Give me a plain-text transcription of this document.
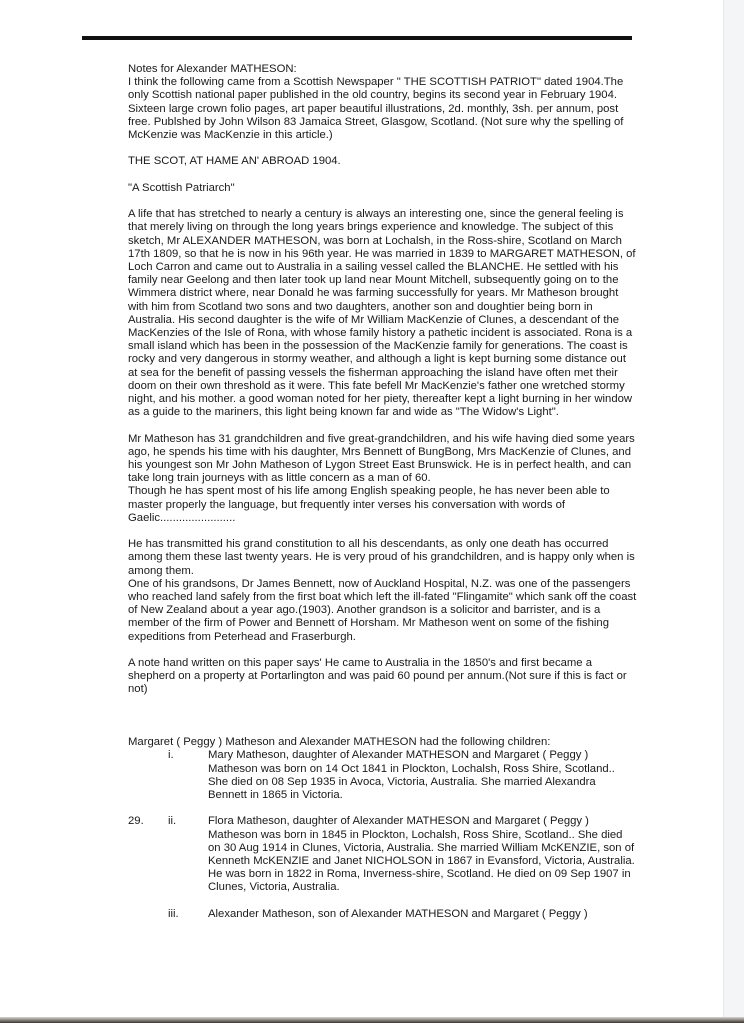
Notes for Alexander MATHESON:

I think the following came from a Scottish Newspaper " THE SCOTTISH PATRIOT" dated 1904.The only Scottish national paper published in the old country, begins its second year in February 1904. Sixteen large crown folio pages, art paper beautiful illustrations, 2d. monthly, 3sh. per annum, post free. Publshed by John Wilson 83 Jamaica Street, Glasgow, Scotland. (Not sure why the spelling of McKenzie was MacKenzie in this article.)

THE SCOT, AT HAME AN' ABROAD 1904.

"A Scottish Patriarch"

A life that has stretched to nearly a century is always an interesting one, since the general feeling is that merely living on through the long years brings experience and knowledge. The subject of this sketch, Mr ALEXANDER MATHESON, was born at Lochalsh, in the Ross-shire, Scotland on March 17th 1809, so that he is now in his 96th year. He was married in 1839 to MARGARET MATHESON, of Loch Carron and came out to Australia in a sailing vessel called the BLANCHE. He settled with his family near Geelong and then later took up land near Mount Mitchell, subsequently going on to the Wimmera district where, near Donald he was farming successfully for years. Mr Matheson brought with him from Scotland two sons and two daughters, another son and doughtier being born in Australia. His second daughter is the wife of Mr William MacKenzie of Clunes, a descendant of the MacKenzies of the Isle of Rona, with whose family history a pathetic incident is associated. Rona is a small island which has been in the possession of the MacKenzie family for generations. The coast is rocky and very dangerous in stormy weather, and although a light is kept burning some distance out at sea for the benefit of passing vessels the fisherman approaching the island have often met their doom on their own threshold as it were. This fate befell Mr MacKenzie's father one wretched stormy night, and his mother. a good woman noted for her piety, thereafter kept a light burning in her window as a guide to the mariners, this light being known far and wide as "The Widow's Light".

Mr Matheson has 31 grandchildren and five great-grandchildren, and his wife having died some years ago, he spends his time with his daughter, Mrs Bennett of BungBong, Mrs MacKenzie of Clunes, and his youngest son Mr John Matheson of Lygon Street East Brunswick. He is in perfect health, and can take long train journeys with as little concern as a man of 60.

Though he has spent most of his life among English speaking people, he has never been able to master properly the language, but frequently inter verses his conversation with words of Gaelic........................

He has transmitted his grand constitution to all his descendants, as only one death has occurred among them these last twenty years. He is very proud of his grandchildren, and is happy only when is among them.

One of his grandsons, Dr James Bennett, now of Auckland Hospital, N.Z. was one of the passengers who reached land safely from the first boat which left the ill-fated "Flingamite" which sank off the coast of New Zealand about a year ago.(1903). Another grandson is a solicitor and barrister, and is a member of the firm of Power and Bennett of Horsham. Mr Matheson went on some of the fishing expeditions from Peterhead and Fraserburgh.

A note hand written on this paper says' He came to Australia in the 1850's and first became a shepherd on a property at Portarlington and was paid 60 pound per annum.(Not sure if this is fact or not)

Margaret ( Peggy ) Matheson and Alexander MATHESON had the following children:

i.	Mary Matheson, daughter of Alexander MATHESON and Margaret ( Peggy ) Matheson was born on 14 Oct 1841 in Plockton, Lochalsh, Ross Shire, Scotland.. She died on 08 Sep 1935 in Avoca, Victoria, Australia. She married Alexandra Bennett in 1865 in Victoria.
29. ii.	Flora Matheson, daughter of Alexander MATHESON and Margaret ( Peggy ) Matheson was born in 1845 in Plockton, Lochalsh, Ross Shire, Scotland.. She died on 30 Aug 1914 in Clunes, Victoria, Australia. She married William McKENZIE, son of Kenneth McKENZIE and Janet NICHOLSON in 1867 in Evansford, Victoria, Australia. He was born in 1822 in Roma, Inverness-shire, Scotland. He died on 09 Sep 1907 in Clunes, Victoria, Australia.
iii.	Alexander Matheson, son of Alexander MATHESON and Margaret ( Peggy )
